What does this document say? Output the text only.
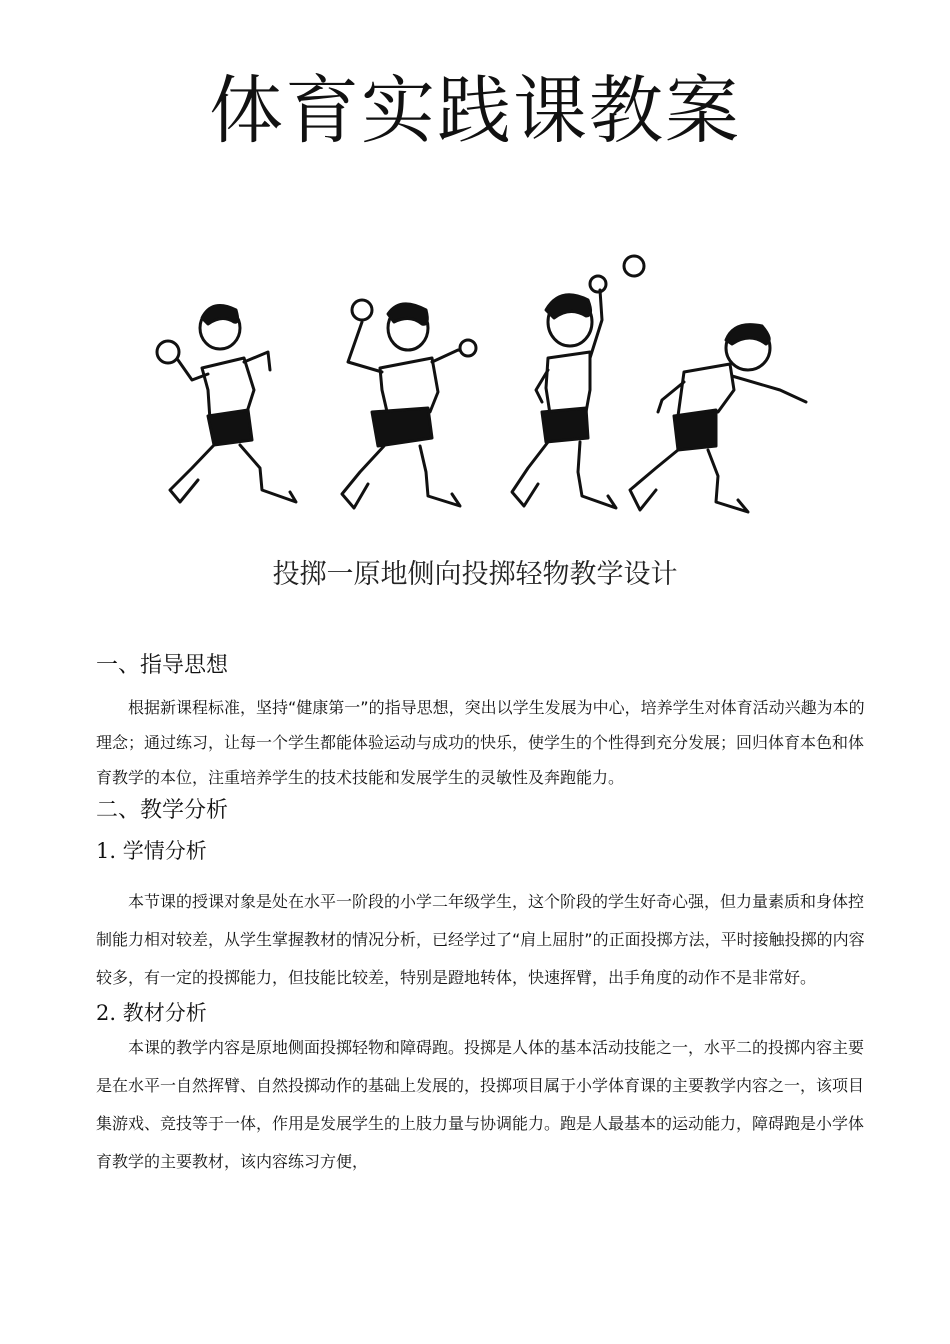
体育实践课教案
投掷一原地侧向投掷轻物教学设计

一、指导思想

根据新课程标准，坚持“健康第一”的指导思想，突出以学生发展为中心，培养学生对体育活动兴趣为本的理念；通过练习，让每一个学生都能体验运动与成功的快乐，使学生的个性得到充分发展；回归体育本色和体育教学的本位，注重培养学生的技术技能和发展学生的灵敏性及奔跑能力。

二、教学分析

1. 学情分析

本节课的授课对象是处在水平一阶段的小学二年级学生，这个阶段的学生好奇心强，但力量素质和身体控制能力相对较差，从学生掌握教材的情况分析，已经学过了“肩上屈肘”的正面投掷方法，平时接触投掷的内容较多，有一定的投掷能力，但技能比较差，特别是蹬地转体，快速挥臂，出手角度的动作不是非常好。

2. 教材分析

本课的教学内容是原地侧面投掷轻物和障碍跑。投掷是人体的基本活动技能之一，水平二的投掷内容主要是在水平一自然挥臂、自然投掷动作的基础上发展的，投掷项目属于小学体育课的主要教学内容之一，该项目集游戏、竞技等于一体，作用是发展学生的上肢力量与协调能力。跑是人最基本的运动能力，障碍跑是小学体育教学的主要教材，该内容练习方便，
